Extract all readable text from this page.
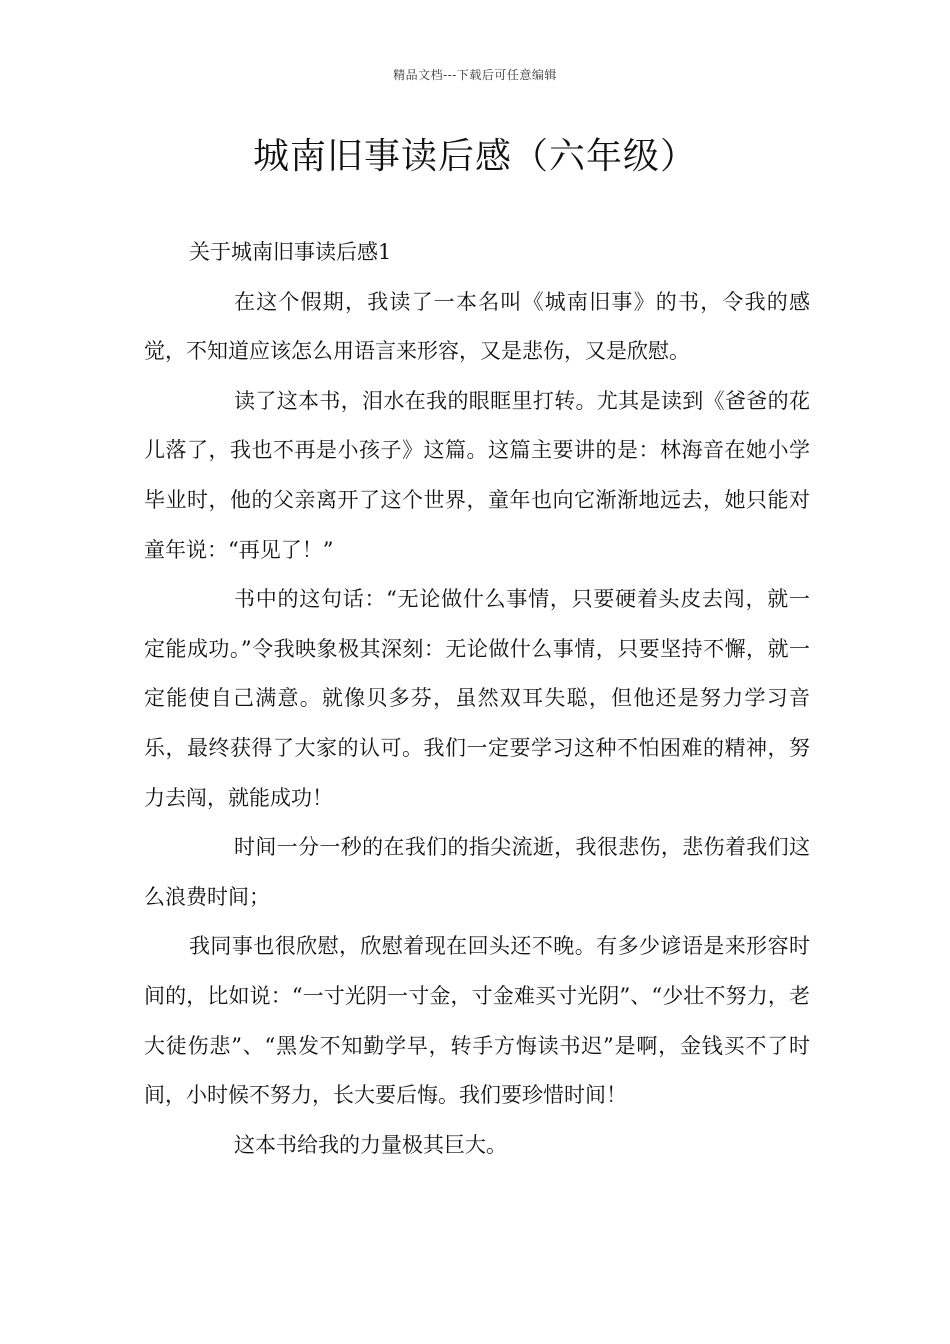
精品文档---下载后可任意编辑
城南旧事读后感（六年级）

关于城南旧事读后感1

在这个假期，我读了一本名叫《城南旧事》的书，令我的感觉，不知道应该怎么用语言来形容，又是悲伤，又是欣慰。

读了这本书，泪水在我的眼眶里打转。尤其是读到《爸爸的花儿落了，我也不再是小孩子》这篇。这篇主要讲的是：林海音在她小学毕业时，他的父亲离开了这个世界，童年也向它渐渐地远去，她只能对童年说：“再见了！”

书中的这句话：“无论做什么事情，只要硬着头皮去闯，就一定能成功。”令我映象极其深刻：无论做什么事情，只要坚持不懈，就一定能使自己满意。就像贝多芬，虽然双耳失聪，但他还是努力学习音乐，最终获得了大家的认可。我们一定要学习这种不怕困难的精神，努力去闯，就能成功！

时间一分一秒的在我们的指尖流逝，我很悲伤，悲伤着我们这么浪费时间；

我同事也很欣慰，欣慰着现在回头还不晚。有多少谚语是来形容时间的，比如说：“一寸光阴一寸金，寸金难买寸光阴”、“少壮不努力，老大徒伤悲”、“黑发不知勤学早，转手方悔读书迟”是啊，金钱买不了时间，小时候不努力，长大要后悔。我们要珍惜时间！

这本书给我的力量极其巨大。
